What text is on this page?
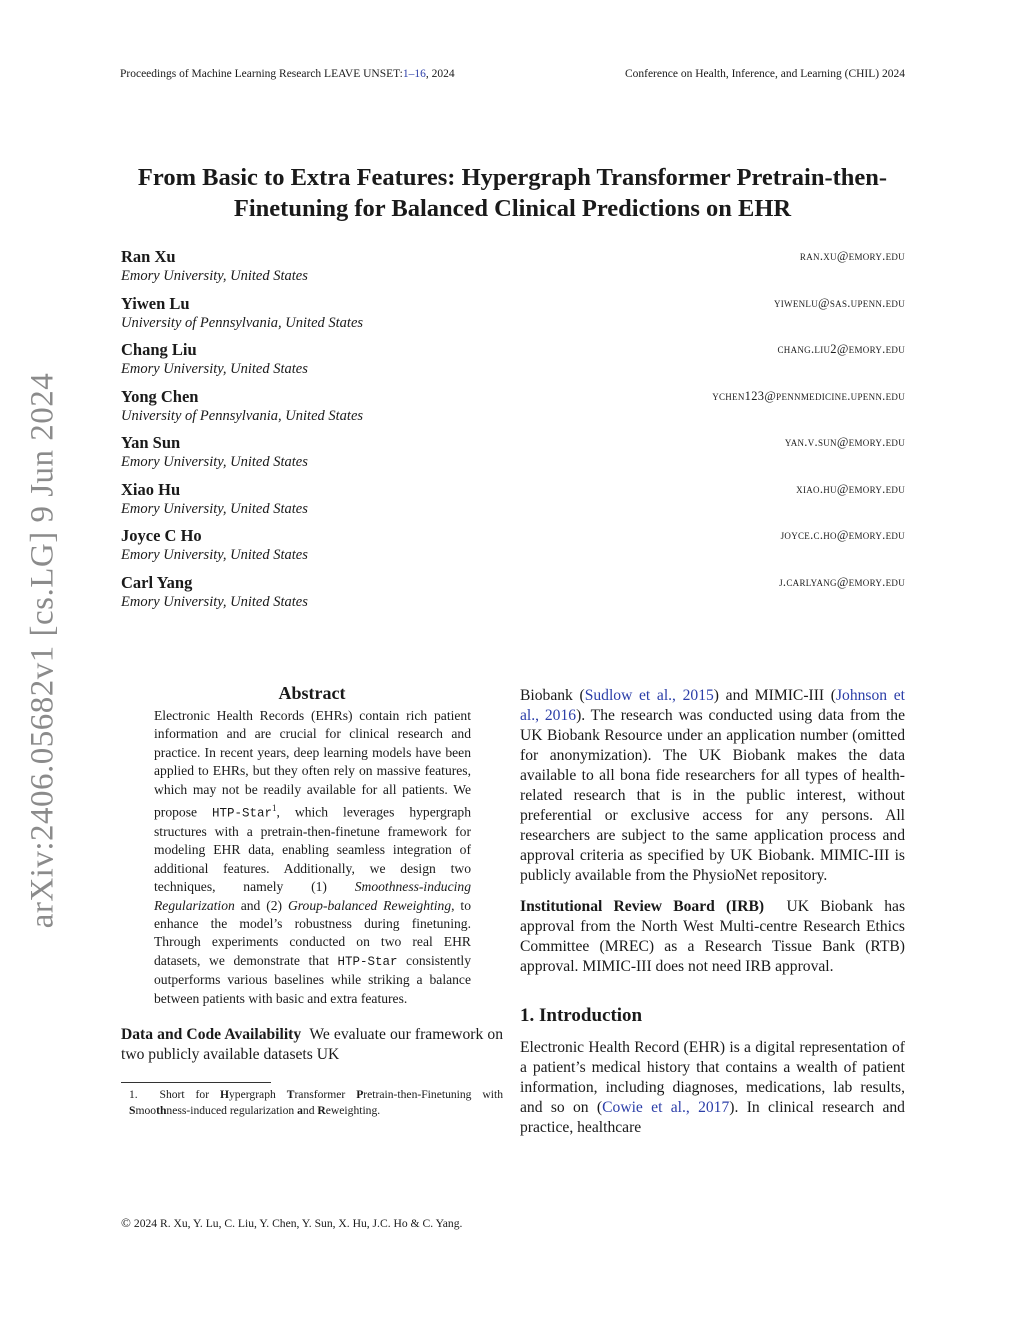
Proceedings of Machine Learning Research LEAVE UNSET:1–16, 2024	Conference on Health, Inference, and Learning (CHIL) 2024
arXiv:2406.05682v1 [cs.LG] 9 Jun 2024
From Basic to Extra Features: Hypergraph Transformer Pretrain-then-Finetuning for Balanced Clinical Predictions on EHR
Ran Xu	ran.xu@emory.edu
Emory University, United States
Yiwen Lu	yiwenlu@sas.upenn.edu
University of Pennsylvania, United States
Chang Liu	chang.liu2@emory.edu
Emory University, United States
Yong Chen	ychen123@pennmedicine.upenn.edu
University of Pennsylvania, United States
Yan Sun	yan.v.sun@emory.edu
Emory University, United States
Xiao Hu	xiao.hu@emory.edu
Emory University, United States
Joyce C Ho	joyce.c.ho@emory.edu
Emory University, United States
Carl Yang	j.carlyang@emory.edu
Emory University, United States
Abstract
Electronic Health Records (EHRs) contain rich patient information and are crucial for clinical research and practice. In recent years, deep learning models have been applied to EHRs, but they often rely on massive features, which may not be readily available for all patients. We propose HTP-Star$^1$, which leverages hypergraph structures with a pretrain-then-finetune framework for modeling EHR data, enabling seamless integration of additional features. Additionally, we design two techniques, namely (1) Smoothness-inducing Regularization and (2) Group-balanced Reweighting, to enhance the model’s robustness during finetuning. Through experiments conducted on two real EHR datasets, we demonstrate that HTP-Star consistently outperforms various baselines while striking a balance between patients with basic and extra features.
Data and Code Availability We evaluate our framework on two publicly available datasets UK
1. Short for Hypergraph Transformer Pretrain-then-Finetuning with Smoothness-induced regularization and Reweighting.
Biobank (Sudlow et al., 2015) and MIMIC-III (Johnson et al., 2016). The research was conducted using data from the UK Biobank Resource under an application number (omitted for anonymization). The UK Biobank makes the data available to all bona fide researchers for all types of health-related research that is in the public interest, without preferential or exclusive access for any persons. All researchers are subject to the same application process and approval criteria as specified by UK Biobank. MIMIC-III is publicly available from the PhysioNet repository.
Institutional Review Board (IRB) UK Biobank has approval from the North West Multi-centre Research Ethics Committee (MREC) as a Research Tissue Bank (RTB) approval. MIMIC-III does not need IRB approval.
1. Introduction
Electronic Health Record (EHR) is a digital representation of a patient’s medical history that contains a wealth of patient information, including diagnoses, medications, lab results, and so on (Cowie et al., 2017). In clinical research and practice, healthcare
© 2024 R. Xu, Y. Lu, C. Liu, Y. Chen, Y. Sun, X. Hu, J.C. Ho & C. Yang.
